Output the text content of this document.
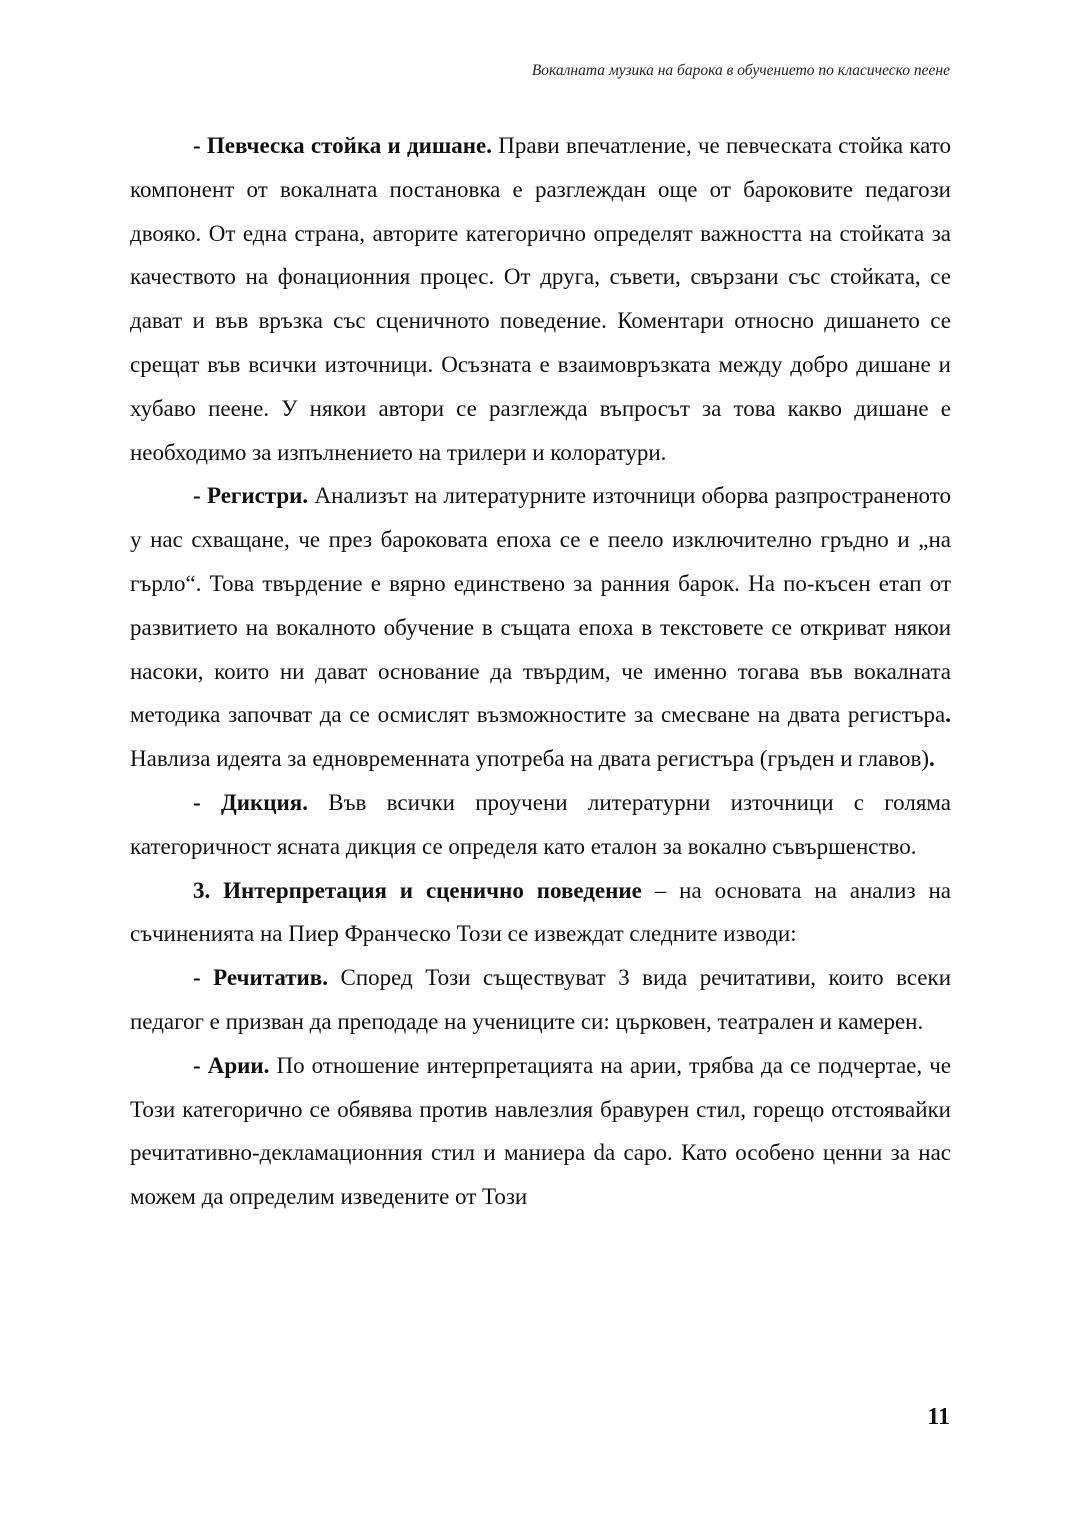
Вокалната музика на барока в обучението по класическо пеене

- Певческа стойка и дишане. Прави впечатление, че певческата стойка като компонент от вокалната постановка е разглеждан още от бароковите педагози двояко. От една страна, авторите категорично определят важността на стойката за качеството на фонационния процес. От друга, съвети, свързани със стойката, се дават и във връзка със сценичното поведение. Коментари относно дишането се срещат във всички източници. Осъзната е взаимовръзката между добро дишане и хубаво пеене. У някои автори се разглежда въпросът за това какво дишане е необходимо за изпълнението на трилери и колоратури.

- Регистри. Анализът на литературните източници оборва разпространеното у нас схващане, че през бароковата епоха се е пеело изключително гръдно и „на гърло“. Това твърдение е вярно единствено за ранния барок. На по-късен етап от развитието на вокалното обучение в същата епоха в текстовете се откриват някои насоки, които ни дават основание да твърдим, че именно тогава във вокалната методика започват да се осмислят възможностите за смесване на двата регистъра. Навлиза идеята за едновременната употреба на двата регистъра (гръден и главов).

- Дикция. Във всички проучени литературни източници с голяма категоричност ясната дикция се определя като еталон за вокално съвършенство.

3. Интерпретация и сценично поведение – на основата на анализ на съчиненията на Пиер Франческо Този се извеждат следните изводи:

- Речитатив. Според Този съществуват 3 вида речитативи, които всеки педагог е призван да преподаде на учениците си: църковен, театрален и камерен.

- Арии. По отношение интерпретацията на арии, трябва да се подчертае, че Този категорично се обявява против навлезлия бравурен стил, горещо отстоявайки речитативно-декламационния стил и маниера da capo. Като особено ценни за нас можем да определим изведените от Този

11
